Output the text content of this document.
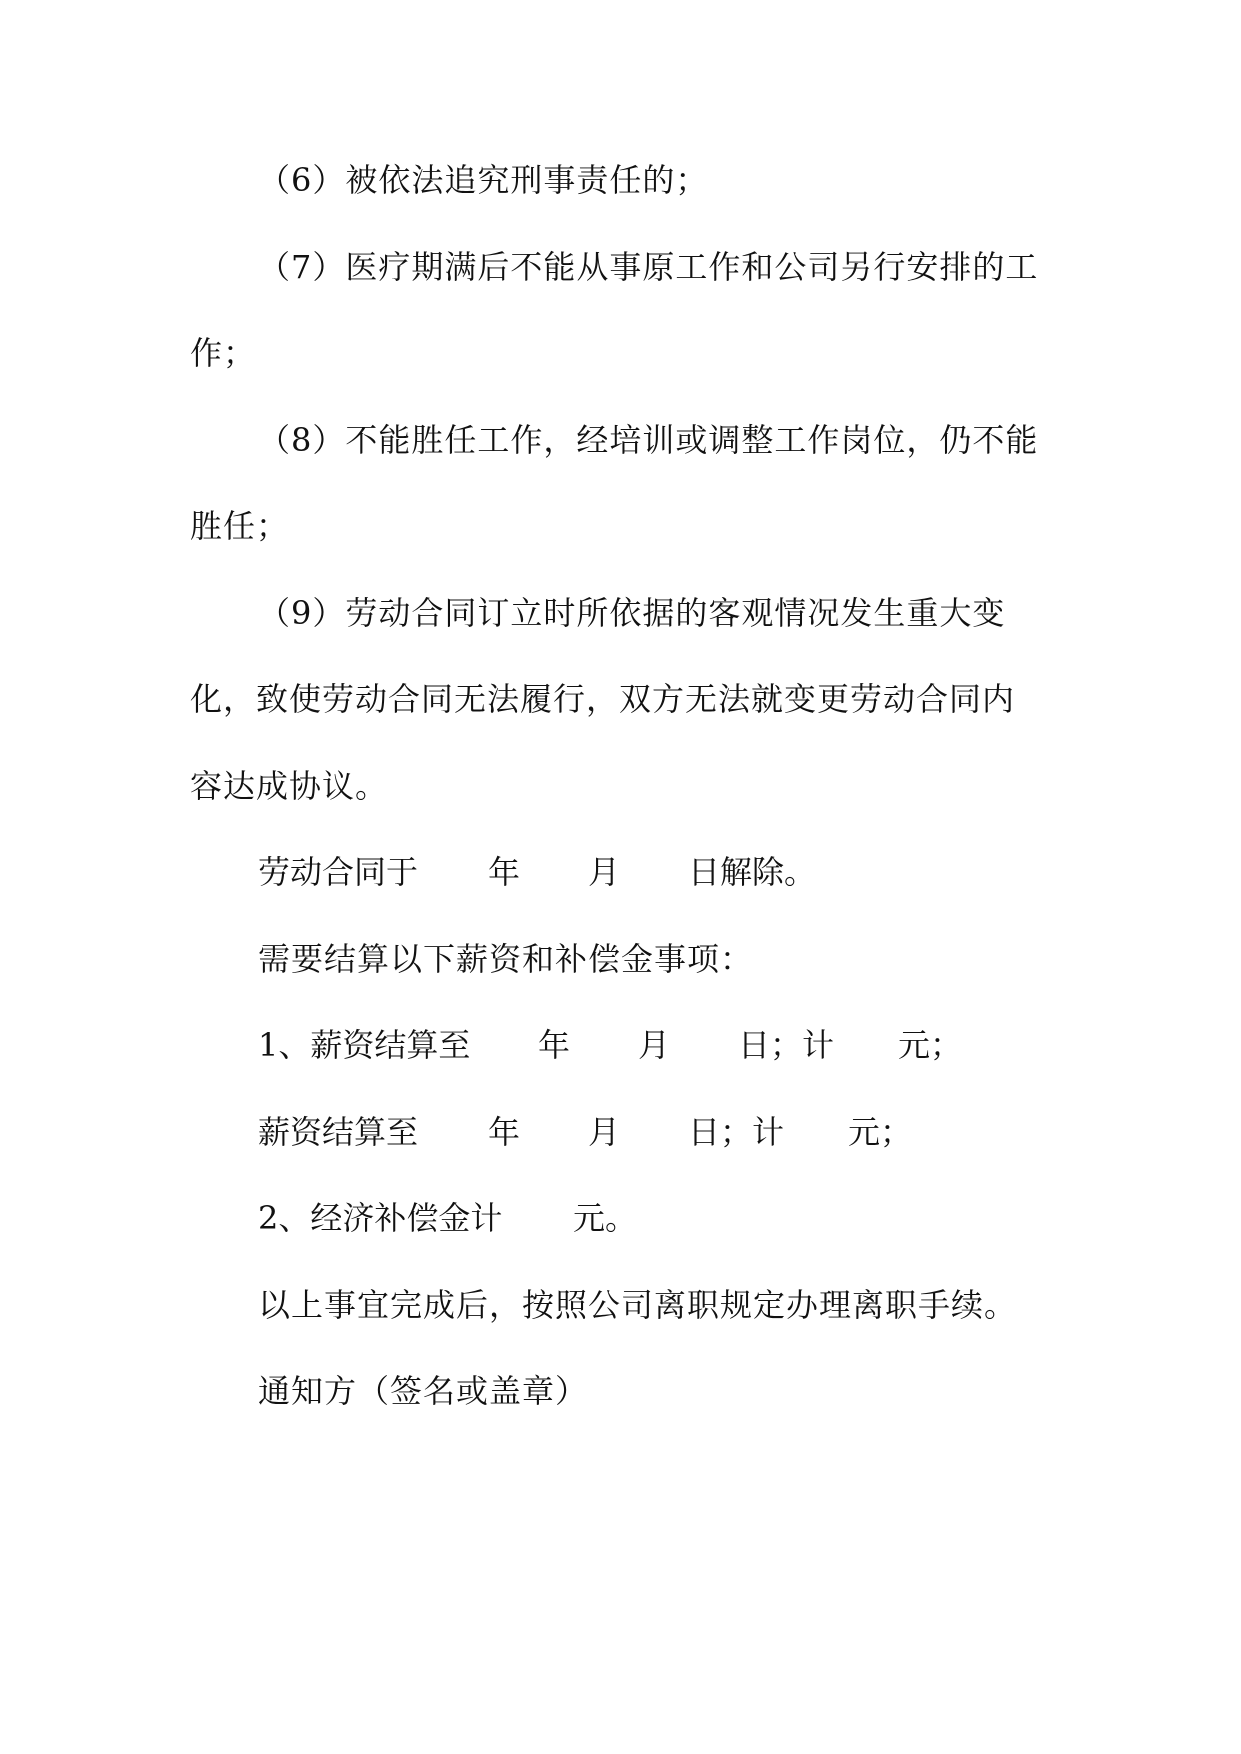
（6）被依法追究刑事责任的；
（7）医疗期满后不能从事原工作和公司另行安排的工
作；
（8）不能胜任工作，经培训或调整工作岗位，仍不能
胜任；
（9）劳动合同订立时所依据的客观情况发生重大变
化，致使劳动合同无法履行，双方无法就变更劳动合同内
容达成协议。
劳动合同于 年 月 日解除。
需要结算以下薪资和补偿金事项：
1、薪资结算至 年 月 日；计 元；
薪资结算至 年 月 日；计 元；
2、经济补偿金计 元。
以上事宜完成后，按照公司离职规定办理离职手续。
通知方（签名或盖章）
